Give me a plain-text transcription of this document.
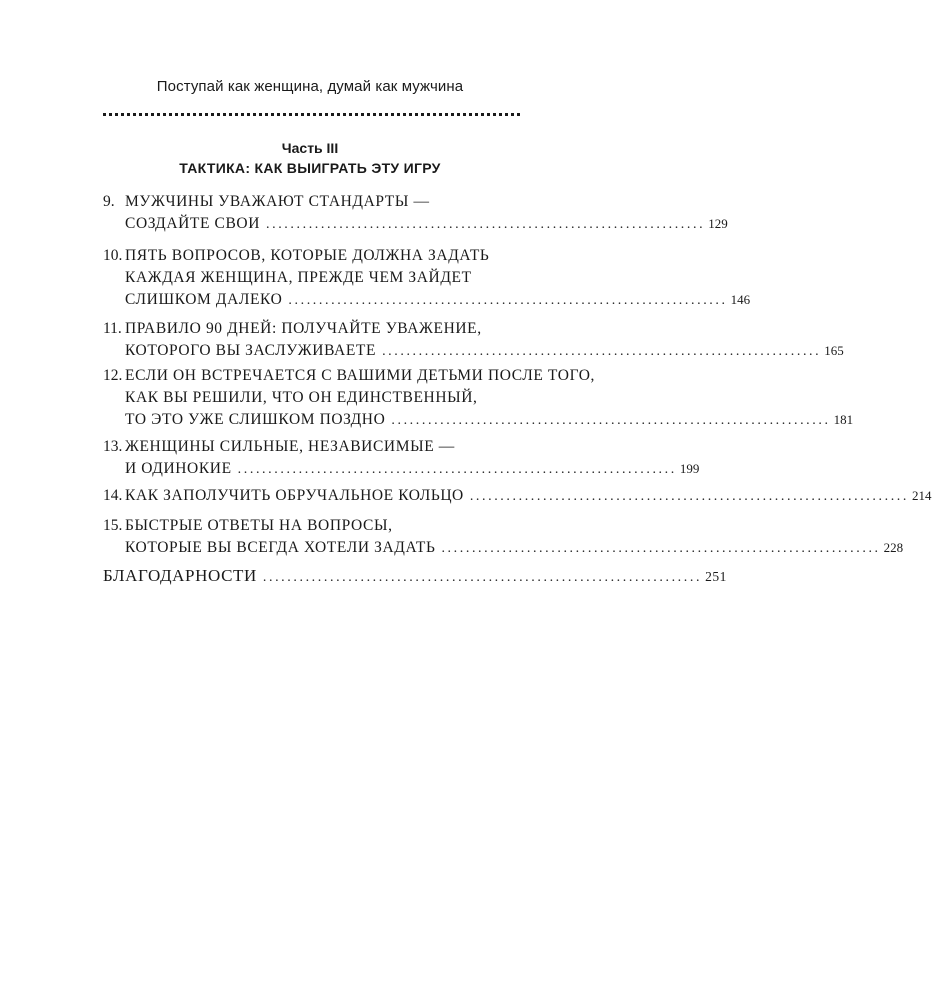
Поступай как женщина, думай как мужчина
Часть III
ТАКТИКА: КАК ВЫИГРАТЬ ЭТУ ИГРУ
9. МУЖЧИНЫ УВАЖАЮТ СТАНДАРТЫ —
СОЗДАЙТЕ СВОИ ........................................................................ 129
10. ПЯТЬ ВОПРОСОВ, КОТОРЫЕ ДОЛЖНА ЗАДАТЬ
КАЖДАЯ ЖЕНЩИНА, ПРЕЖДЕ ЧЕМ ЗАЙДЕТ
СЛИШКОМ ДАЛЕКО ........................................................................ 146
11. ПРАВИЛО 90 ДНЕЙ: ПОЛУЧАЙТЕ УВАЖЕНИЕ,
КОТОРОГО ВЫ ЗАСЛУЖИВАЕТЕ ........................................................................ 165
12. ЕСЛИ ОН ВСТРЕЧАЕТСЯ С ВАШИМИ ДЕТЬМИ ПОСЛЕ ТОГО,
КАК ВЫ РЕШИЛИ, ЧТО ОН ЕДИНСТВЕННЫЙ,
ТО ЭТО УЖЕ СЛИШКОМ ПОЗДНО ........................................................................ 181
13. ЖЕНЩИНЫ СИЛЬНЫЕ, НЕЗАВИСИМЫЕ —
И ОДИНОКИЕ ........................................................................ 199
14. КАК ЗАПОЛУЧИТЬ ОБРУЧАЛЬНОЕ КОЛЬЦО ........................................................................ 214
15. БЫСТРЫЕ ОТВЕТЫ НА ВОПРОСЫ,
КОТОРЫЕ ВЫ ВСЕГДА ХОТЕЛИ ЗАДАТЬ ........................................................................ 228
БЛАГОДАРНОСТИ ........................................................................ 251
